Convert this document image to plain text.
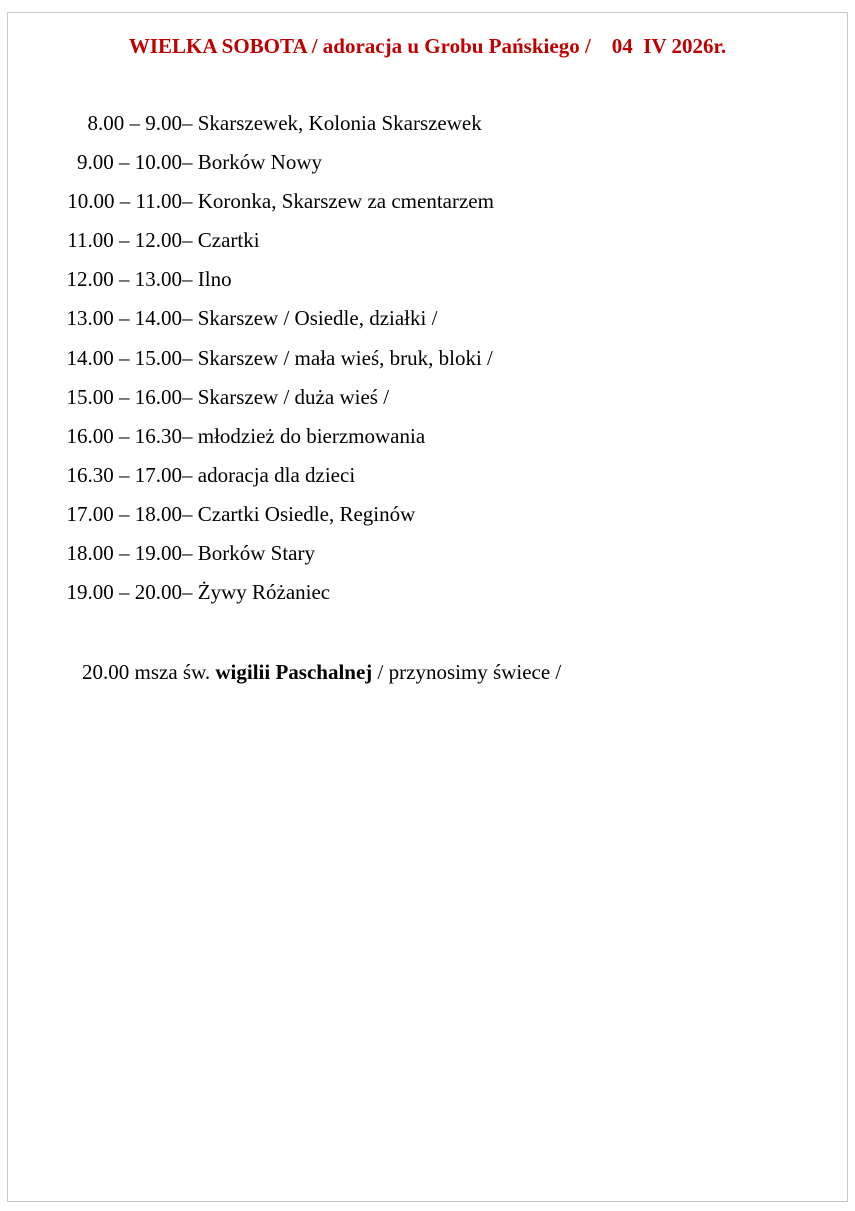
WIELKA SOBOTA / adoracja u Grobu Pańskiego /    04  IV 2026r.
8.00 – 9.00 – Skarszewek, Kolonia Skarszewek
9.00 – 10.00 – Borków Nowy
10.00 – 11.00 – Koronka, Skarszew za cmentarzem
11.00 – 12.00 – Czartki
12.00 – 13.00 – Ilno
13.00 – 14.00 – Skarszew / Osiedle, działki /
14.00 – 15.00 – Skarszew / mała wieś, bruk, bloki /
15.00 – 16.00 – Skarszew / duża wieś /
16.00 – 16.30 – młodzież do bierzmowania
16.30 – 17.00 – adoracja dla dzieci
17.00 – 18.00 – Czartki Osiedle, Reginów
18.00 – 19.00 – Borków Stary
19.00 – 20.00 – Żywy Różaniec
20.00 msza św. wigilii Paschalnej / przynosimy świece /
